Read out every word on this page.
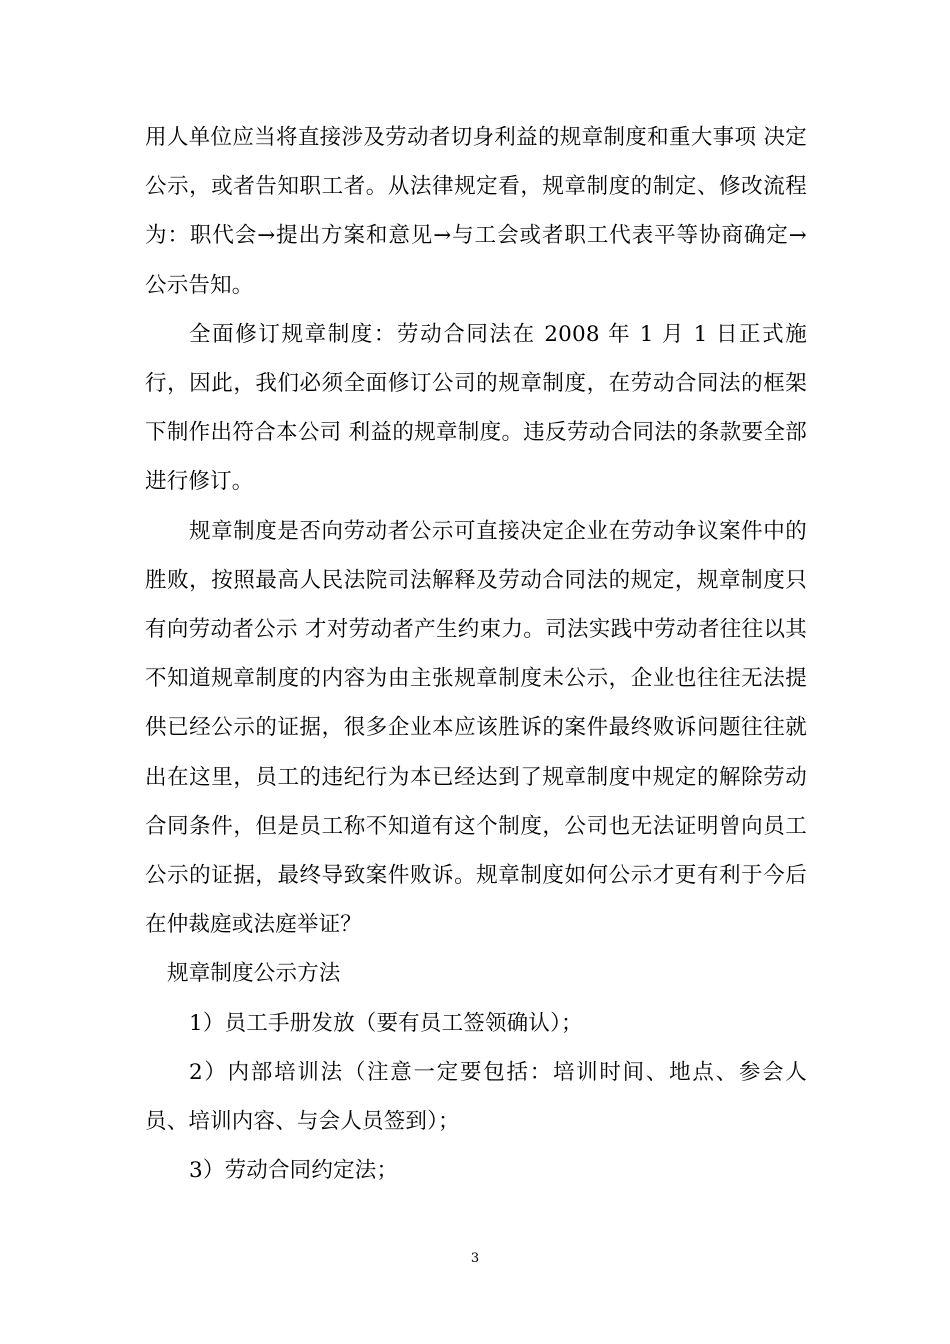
用人单位应当将直接涉及劳动者切身利益的规章制度和重大事项 决定公示，或者告知职工者。从法律规定看，规章制度的制定、修改流程为：职代会→提出方案和意见→与工会或者职工代表平等协商确定→公示告知。

全面修订规章制度：劳动合同法在 2008 年 1 月 1 日正式施行，因此，我们必须全面修订公司的规章制度，在劳动合同法的框架下制作出符合本公司 利益的规章制度。违反劳动合同法的条款要全部进行修订。

规章制度是否向劳动者公示可直接决定企业在劳动争议案件中的胜败，按照最高人民法院司法解释及劳动合同法的规定，规章制度只有向劳动者公示 才对劳动者产生约束力。司法实践中劳动者往往以其不知道规章制度的内容为由主张规章制度未公示，企业也往往无法提供已经公示的证据，很多企业本应该胜诉的案件最终败诉问题往往就出在这里，员工的违纪行为本已经达到了规章制度中规定的解除劳动合同条件，但是员工称不知道有这个制度，公司也无法证明曾向员工公示的证据，最终导致案件败诉。规章制度如何公示才更有利于今后在仲裁庭或法庭举证？

规章制度公示方法

1）员工手册发放（要有员工签领确认）；

2）内部培训法（注意一定要包括：培训时间、地点、参会人员、培训内容、与会人员签到）；

3）劳动合同约定法；

3
